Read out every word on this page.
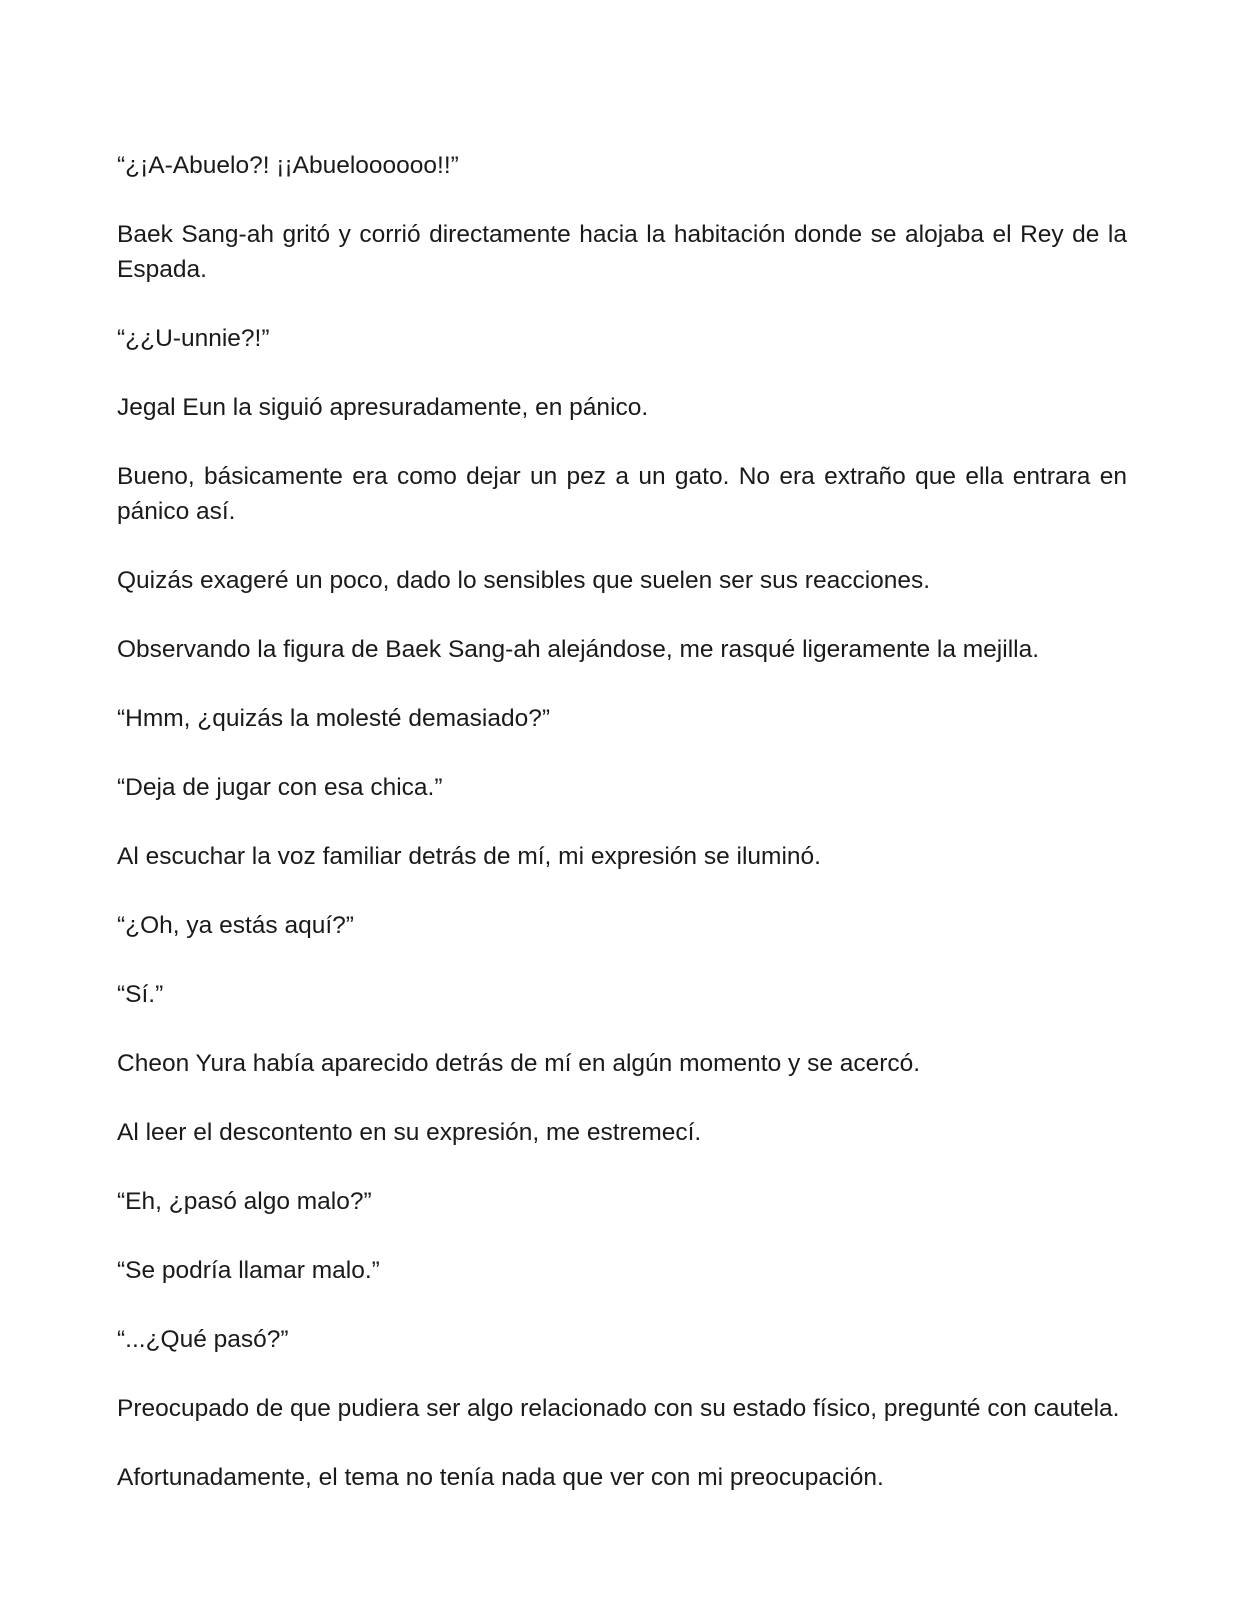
“¿¡A-Abuelo?! ¡¡Abueloooooo!!”

Baek Sang-ah gritó y corrió directamente hacia la habitación donde se alojaba el Rey de la Espada.

“¿¿U-unnie?!”

Jegal Eun la siguió apresuradamente, en pánico.

Bueno, básicamente era como dejar un pez a un gato. No era extraño que ella entrara en pánico así.

Quizás exageré un poco, dado lo sensibles que suelen ser sus reacciones.

Observando la figura de Baek Sang-ah alejándose, me rasqué ligeramente la mejilla.

“Hmm, ¿quizás la molesté demasiado?”

“Deja de jugar con esa chica.”

Al escuchar la voz familiar detrás de mí, mi expresión se iluminó.

“¿Oh, ya estás aquí?”

“Sí.”

Cheon Yura había aparecido detrás de mí en algún momento y se acercó.

Al leer el descontento en su expresión, me estremecí.

“Eh, ¿pasó algo malo?”

“Se podría llamar malo.”

“...¿Qué pasó?”

Preocupado de que pudiera ser algo relacionado con su estado físico, pregunté con cautela.

Afortunadamente, el tema no tenía nada que ver con mi preocupación.
